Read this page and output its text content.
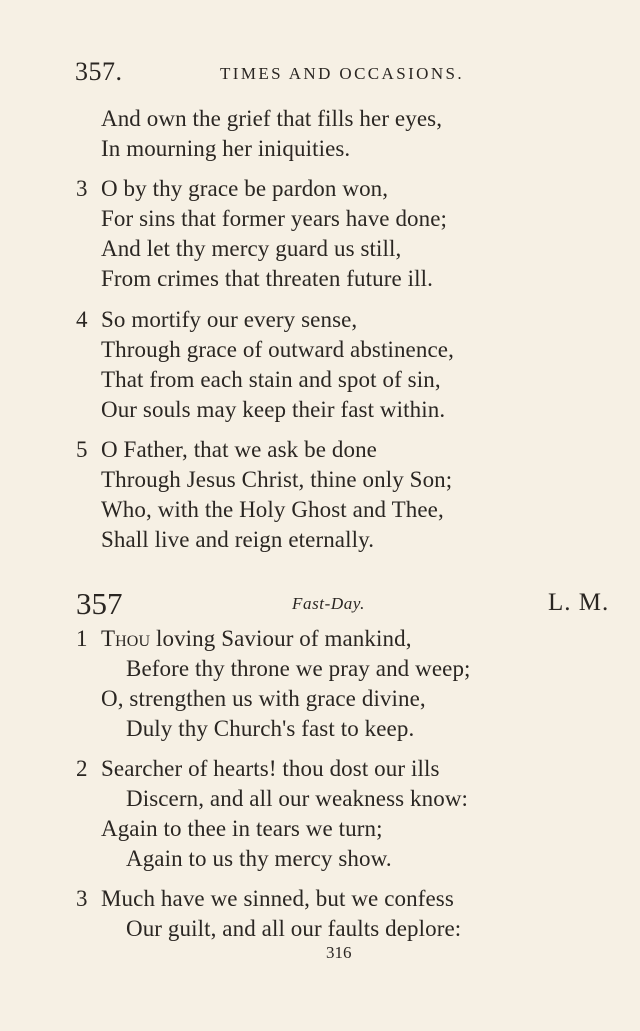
357.	TIMES AND OCCASIONS.
And own the grief that fills her eyes,
In mourning her iniquities.
3 O by thy grace be pardon won,
For sins that former years have done;
And let thy mercy guard us still,
From crimes that threaten future ill.
4 So mortify our every sense,
Through grace of outward abstinence,
That from each stain and spot of sin,
Our souls may keep their fast within.
5 O Father, that we ask be done
Through Jesus Christ, thine only Son;
Who, with the Holy Ghost and Thee,
Shall live and reign eternally.
357	Fast-Day.	L. M.
1 Thou loving Saviour of mankind,
Before thy throne we pray and weep;
O, strengthen us with grace divine,
Duly thy Church's fast to keep.
2 Searcher of hearts! thou dost our ills
Discern, and all our weakness know:
Again to thee in tears we turn;
Again to us thy mercy show.
3 Much have we sinned, but we confess
Our guilt, and all our faults deplore:
316
